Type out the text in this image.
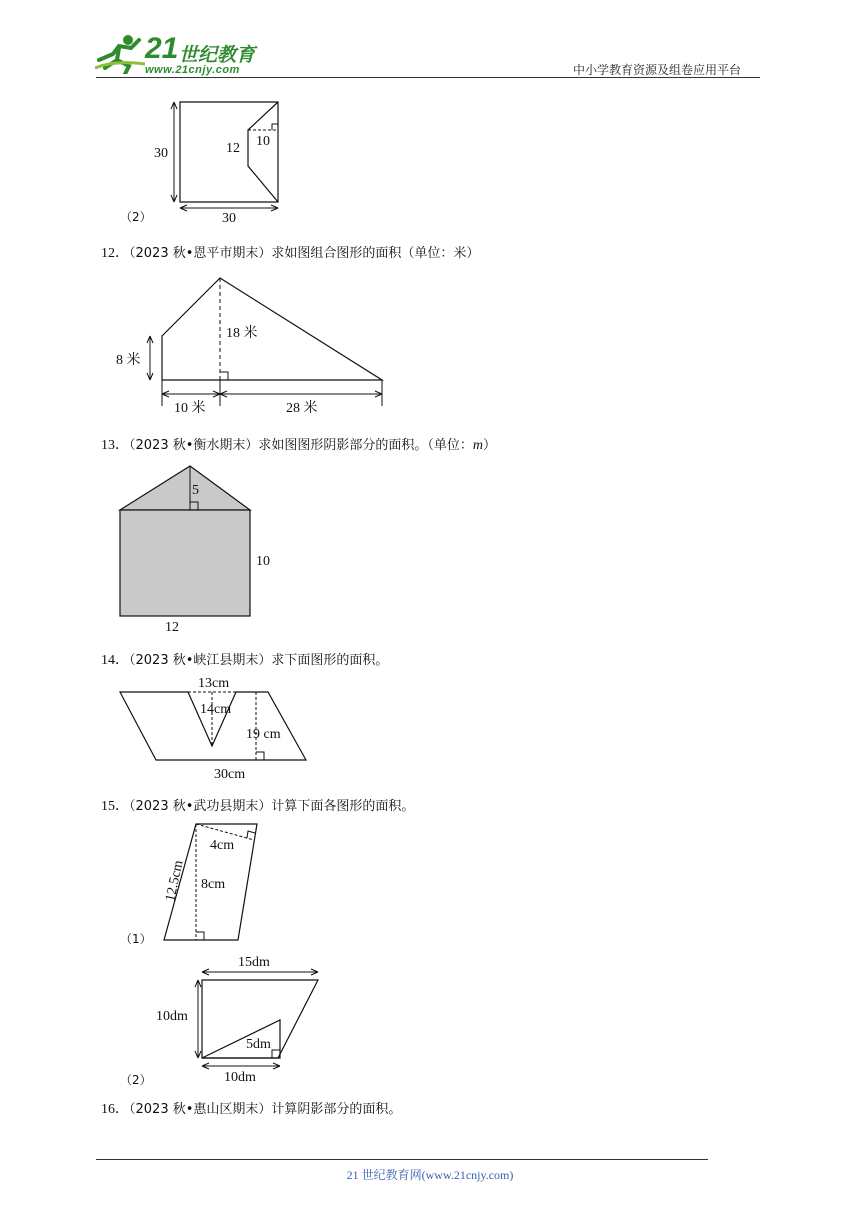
21 世纪教育
www.21cnjy.com	中小学教育资源及组卷应用平台
（2）
30	12 10
30
12．（2023 秋•恩平市期末）求如图组合图形的面积（单位：米）
18 米
8 米
10 米	28 米
13．（2023 秋•衡水期末）求如图图形阴影部分的面积。（单位：m）
5
10
12
14．（2023 秋•峡江县期末）求下面图形的面积。
13cm
14cm
19 cm
30cm
15．（2023 秋•武功县期末）计算下面各图形的面积。
（1）
4cm
8cm
12.5cm
（2）
15dm
10dm
5dm
10dm
16．（2023 秋•惠山区期末）计算阴影部分的面积。
21 世纪教育网(www.21cnjy.com)
